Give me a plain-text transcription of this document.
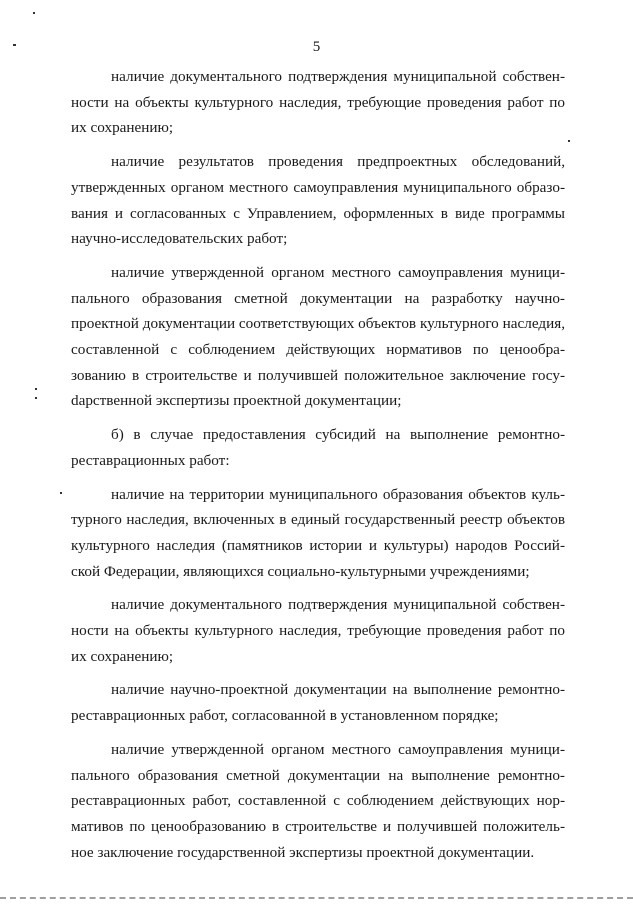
5

наличие документального подтверждения муниципальной собственности на объекты культурного наследия, требующие проведения работ по их сохранению;

наличие результатов проведения предпроектных обследований, утвержденных органом местного самоуправления муниципального образования и согласованных с Управлением, оформленных в виде программы научно-исследовательских работ;

наличие утвержденной органом местного самоуправления муниципального образования сметной документации на разработку научно-проектной документации соответствующих объектов культурного наследия, составленной с соблюдением действующих нормативов по ценообразованию в строительстве и получившей положительное заключение госуdарственной экспертизы проектной документации;

б) в случае предоставления субсидий на выполнение ремонтно-реставрационных работ:

наличие на территории муниципального образования объектов культурного наследия, включенных в единый государственный реестр объектов культурного наследия (памятников истории и культуры) народов Российской Федерации, являющихся социально-культурными учреждениями;

наличие документального подтверждения муниципальной собственности на объекты культурного наследия, требующие проведения работ по их сохранению;

наличие научно-проектной документации на выполнение ремонтно-реставрационных работ, согласованной в установленном порядке;

наличие утвержденной органом местного самоуправления муниципального образования сметной документации на выполнение ремонтно-реставрационных работ, составленной с соблюдением действующих нормативов по ценообразованию в строительстве и получившей положительное заключение государственной экспертизы проектной документации.
